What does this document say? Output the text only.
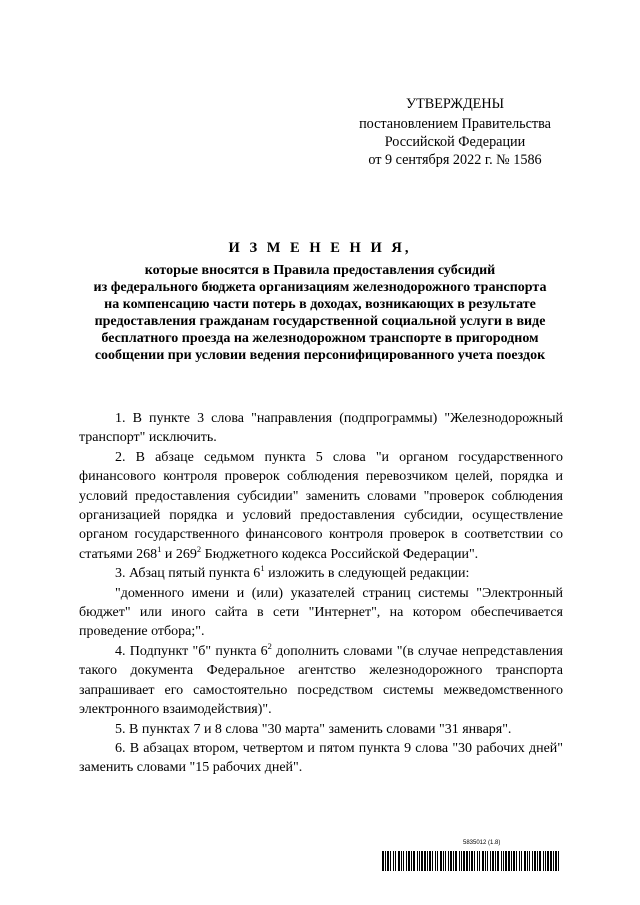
УТВЕРЖДЕНЫ
постановлением Правительства
Российской Федерации
от 9 сентября 2022 г. № 1586
И З М Е Н Е Н И Я,
которые вносятся в Правила предоставления субсидий
из федерального бюджета организациям железнодорожного транспорта
на компенсацию части потерь в доходах, возникающих в результате
предоставления гражданам государственной социальной услуги в виде
бесплатного проезда на железнодорожном транспорте в пригородном
сообщении при условии ведения персонифицированного учета поездок

1. В пункте 3 слова "направления (подпрограммы) "Железнодорожный транспорт" исключить.

2. В абзаце седьмом пункта 5 слова "и органом государственного финансового контроля проверок соблюдения перевозчиком целей, порядка и условий предоставления субсидии" заменить словами "проверок соблюдения организацией порядка и условий предоставления субсидии, осуществление органом государственного финансового контроля проверок в соответствии со статьями $268^1$ и $269^2$ Бюджетного кодекса Российской Федерации".

3. Абзац пятый пункта $6^1$ изложить в следующей редакции:

"доменного имени и (или) указателей страниц системы "Электронный бюджет" или иного сайта в сети "Интернет", на котором обеспечивается проведение отбора;".

4. Подпункт "б" пункта $6^2$ дополнить словами "(в случае непредставления такого документа Федеральное агентство железнодорожного транспорта запрашивает его самостоятельно посредством системы межведомственного электронного взаимодействия)".

5. В пунктах 7 и 8 слова "30 марта" заменить словами "31 января".

6. В абзацах втором, четвертом и пятом пункта 9 слова "30 рабочих дней" заменить словами "15 рабочих дней".

5835012 (1.8)
